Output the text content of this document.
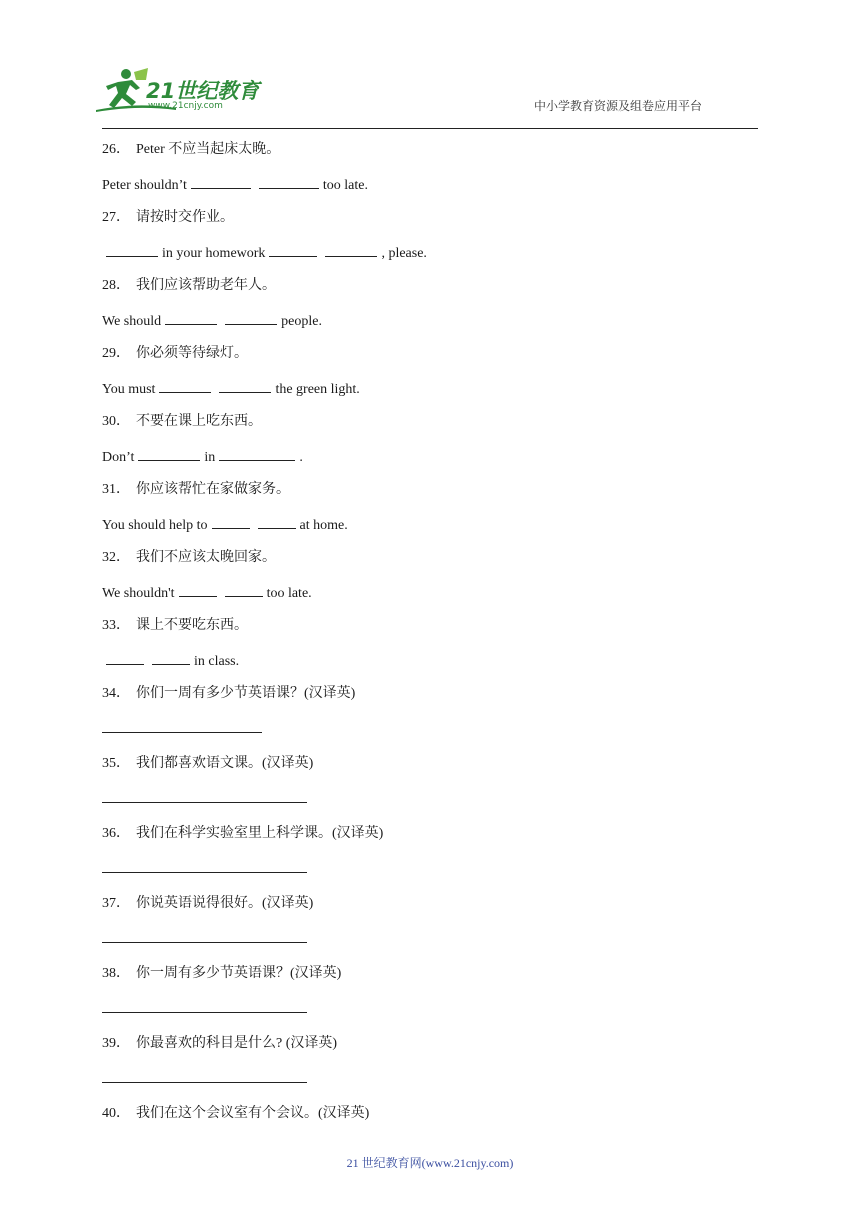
21世纪教育
www.21cnjy.com	中小学教育资源及组卷应用平台
26． Peter 不应当起床太晚。
Peter shouldn’t	too late.
27． 请按时交作业。
in your homework	, please.
28． 我们应该帮助老年人。
We should	people.
29． 你必须等待绿灯。
You must	the green light.
30． 不要在课上吃东西。
Don’t	in	.
31． 你应该帮忙在家做家务。
You should help to	at home.
32． 我们不应该太晚回家。
We shouldn't	too late.
33． 课上不要吃东西。
in class.
34． 你们一周有多少节英语课？(汉译英)
35． 我们都喜欢语文课。(汉译英)
36． 我们在科学实验室里上科学课。(汉译英)
37． 你说英语说得很好。(汉译英)
38． 你一周有多少节英语课？(汉译英)
39． 你最喜欢的科目是什么? (汉译英)
40． 我们在这个会议室有个会议。(汉译英)
21 世纪教育网(www.21cnjy.com)
